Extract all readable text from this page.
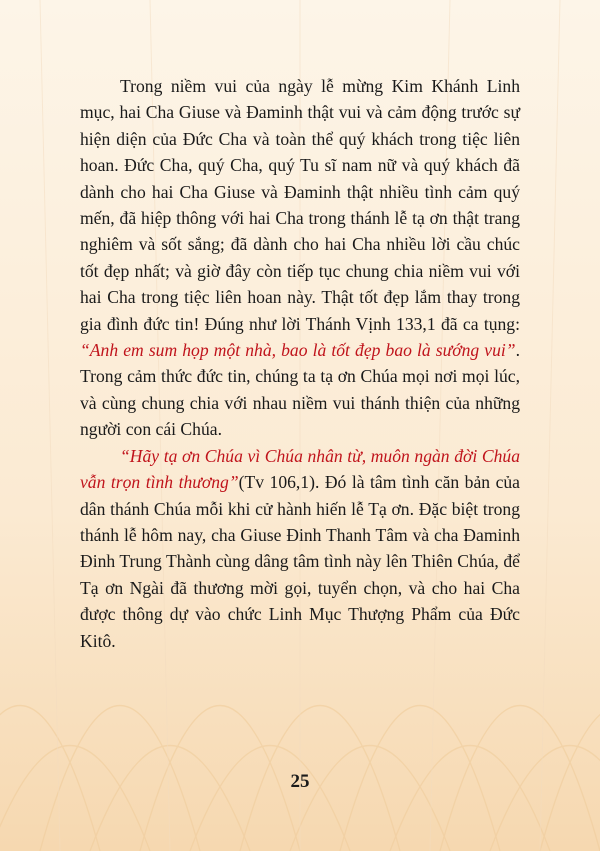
Trong niềm vui của ngày lễ mừng Kim Khánh Linh mục, hai Cha Giuse và Đaminh thật vui và cảm động trước sự hiện diện của Đức Cha và toàn thể quý khách trong tiệc liên hoan. Đức Cha, quý Cha, quý Tu sĩ nam nữ và quý khách đã dành cho hai Cha Giuse và Đaminh thật nhiều tình cảm quý mến, đã hiệp thông với hai Cha trong thánh lễ tạ ơn thật trang nghiêm và sốt sắng; đã dành cho hai Cha nhiều lời cầu chúc tốt đẹp nhất; và giờ đây còn tiếp tục chung chia niềm vui với hai Cha trong tiệc liên hoan này. Thật tốt đẹp lắm thay trong gia đình đức tin! Đúng như lời Thánh Vịnh 133,1 đã ca tụng: “Anh em sum họp một nhà, bao là tốt đẹp bao là sướng vui”. Trong cảm thức đức tin, chúng ta tạ ơn Chúa mọi nơi mọi lúc, và cùng chung chia với nhau niềm vui thánh thiện của những người con cái Chúa.

“Hãy tạ ơn Chúa vì Chúa nhân từ, muôn ngàn đời Chúa vẫn trọn tình thương”(Tv 106,1). Đó là tâm tình căn bản của dân thánh Chúa mỗi khi cử hành hiến lễ Tạ ơn. Đặc biệt trong thánh lễ hôm nay, cha Giuse Đinh Thanh Tâm và cha Đaminh Đinh Trung Thành cùng dâng tâm tình này lên Thiên Chúa, để Tạ ơn Ngài đã thương mời gọi, tuyển chọn, và cho hai Cha được thông dự vào chức Linh Mục Thượng Phẩm của Đức Kitô.

25
